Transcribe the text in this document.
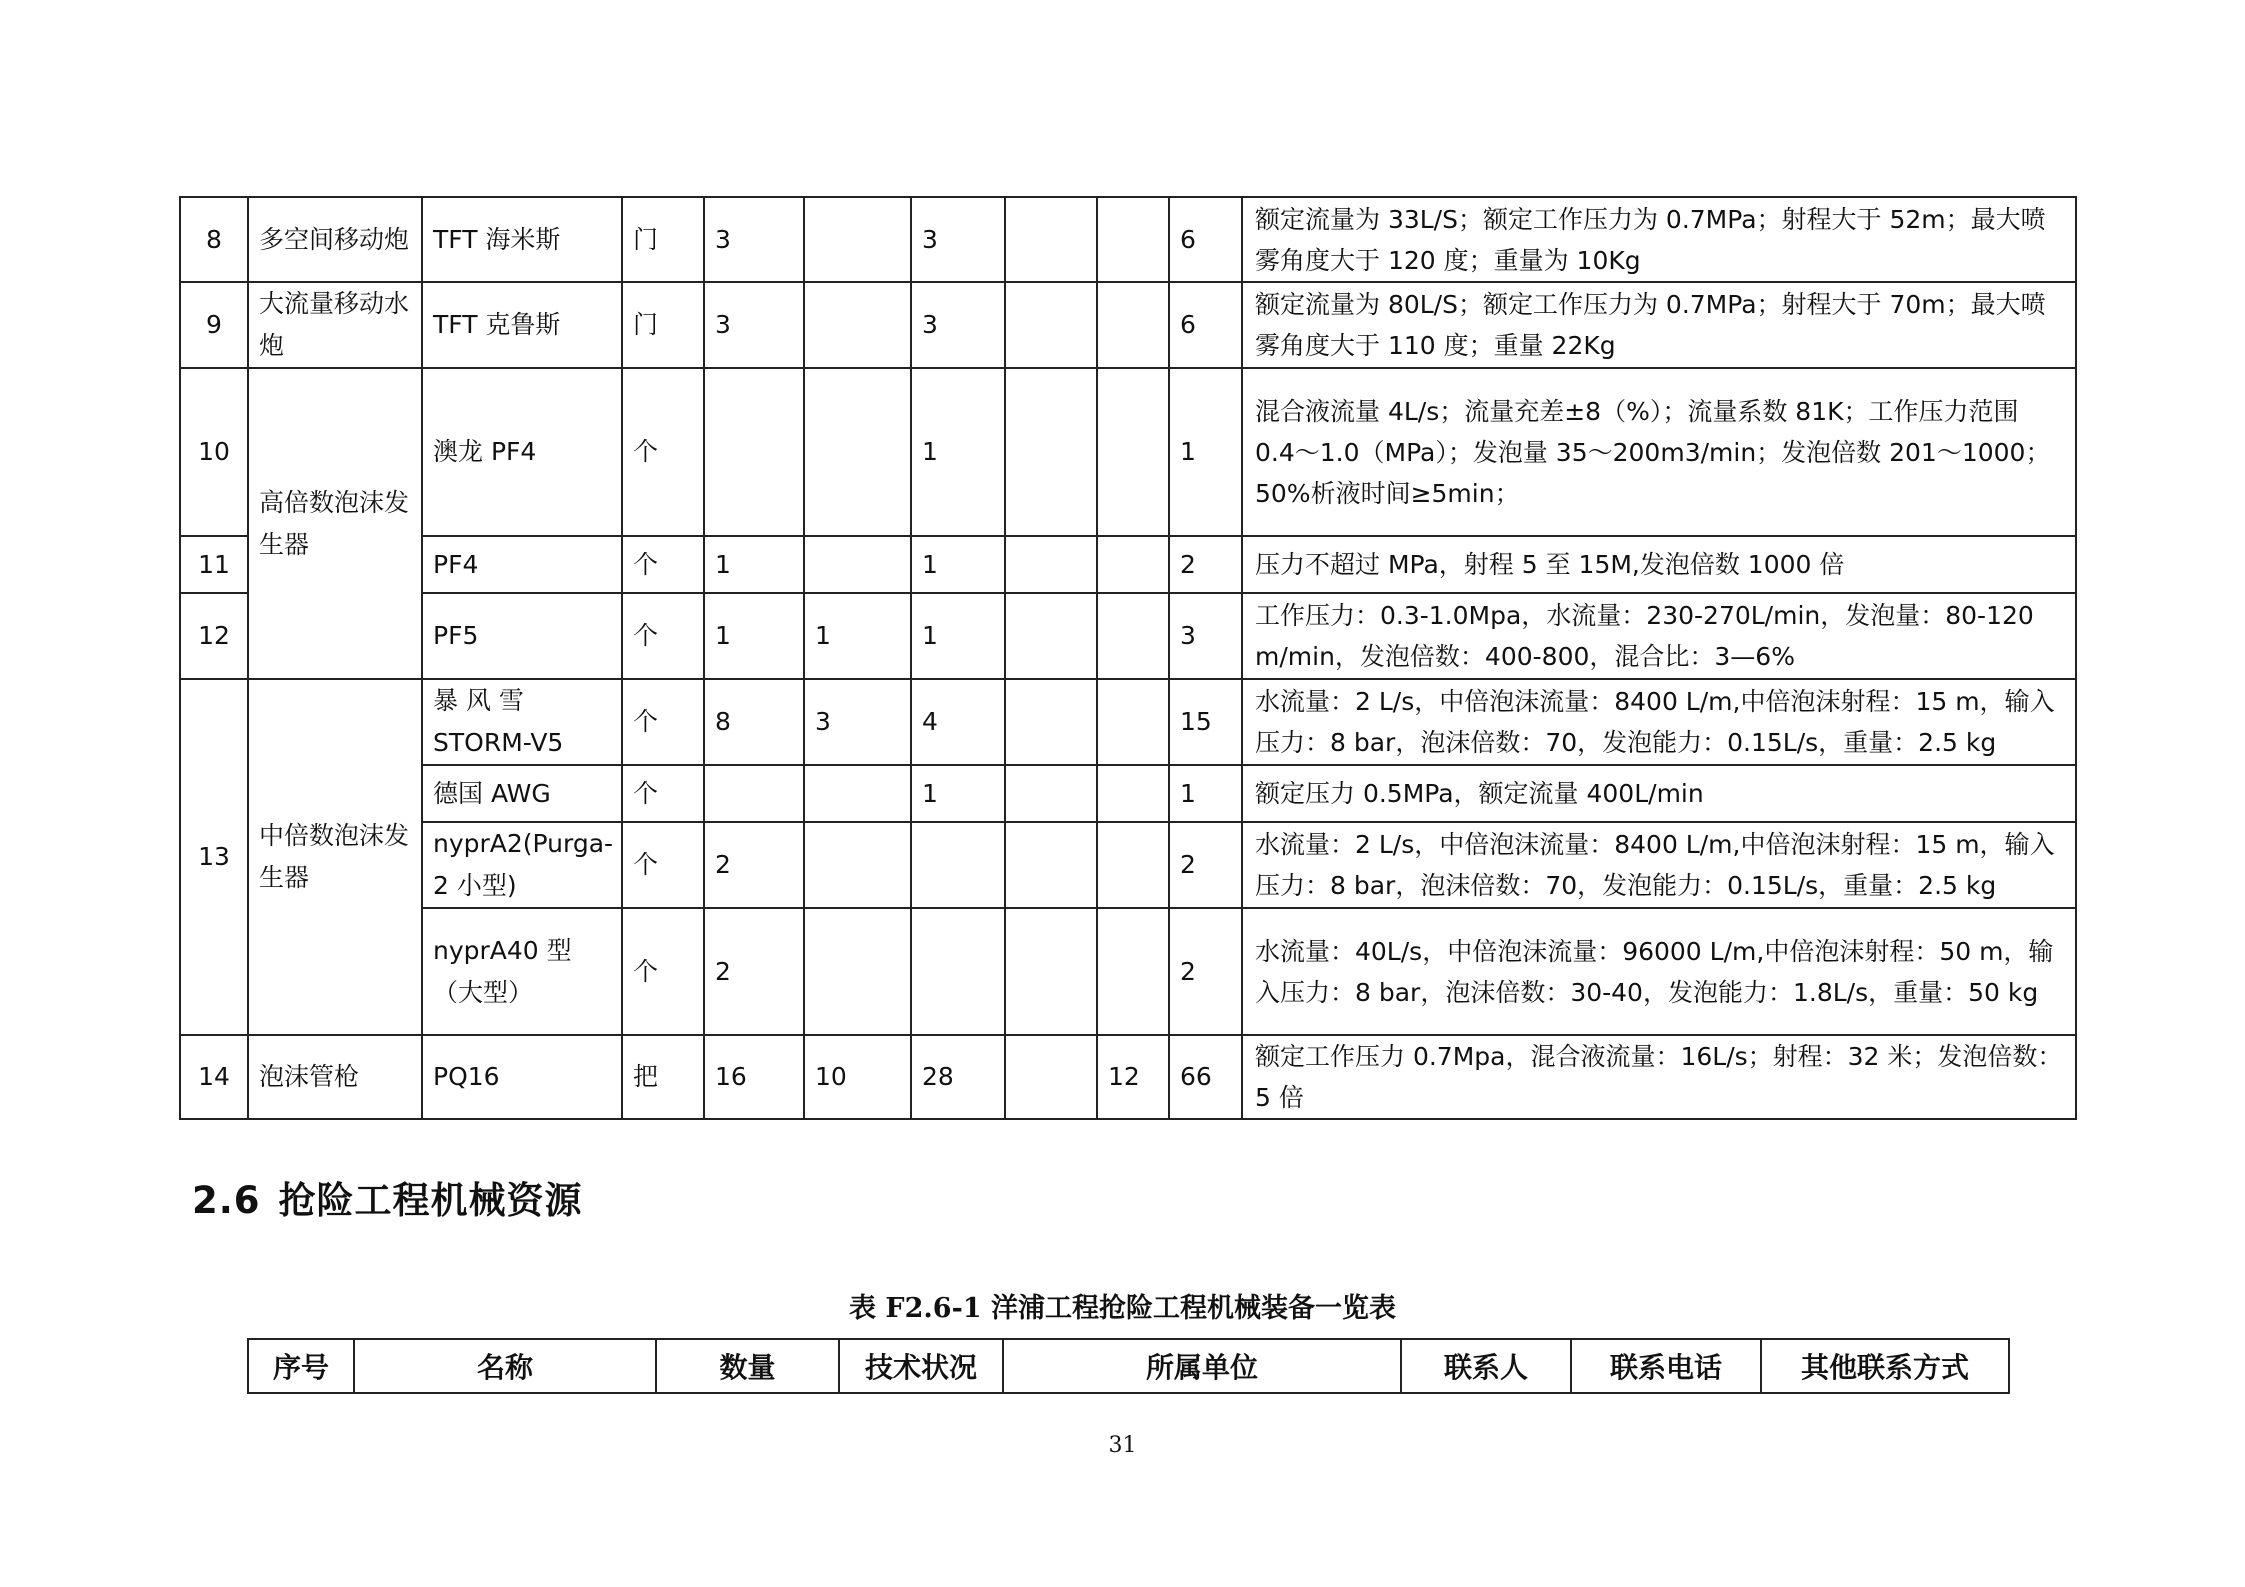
8	多空间移动炮	TFT 海米斯	门	3		3			6	额定流量为 33L/S；额定工作压力为 0.7MPa；射程大于 52m；最大喷雾角度大于 120 度；重量为 10Kg
9	大流量移动水炮	TFT 克鲁斯	门	3		3			6	额定流量为 80L/S；额定工作压力为 0.7MPa；射程大于 70m；最大喷雾角度大于 110 度；重量 22Kg
10	高倍数泡沫发生器	澳龙 PF4	个			1			1	混合液流量 4L/s；流量充差±8（%）；流量系数 81K；工作压力范围 0.4～1.0（MPa）；发泡量 35～200m3/min；发泡倍数 201～1000；50%析液时间≥5min；
11		PF4	个	1		1			2	压力不超过 MPa，射程 5 至 15M,发泡倍数 1000 倍
12		PF5	个	1	1	1			3	工作压力：0.3-1.0Mpa，水流量：230-270L/min，发泡量：80-120 m/min，发泡倍数：400-800，混合比：3—6%
13	中倍数泡沫发生器	暴 风 雪 STORM-V5	个	8	3	4			15	水流量：2 L/s，中倍泡沫流量：8400 L/m,中倍泡沫射程：15 m，输入压力：8 bar，泡沫倍数：70，发泡能力：0.15L/s，重量：2.5 kg
		德国 AWG	个			1			1	额定压力 0.5MPa，额定流量 400L/min
		nyprA2(Purga-2 小型)	个	2					2	水流量：2 L/s，中倍泡沫流量：8400 L/m,中倍泡沫射程：15 m，输入压力：8 bar，泡沫倍数：70，发泡能力：0.15L/s，重量：2.5 kg
		nyprA40 型（大型）	个	2					2	水流量：40L/s，中倍泡沫流量：96000 L/m,中倍泡沫射程：50 m，输入压力：8 bar，泡沫倍数：30-40，发泡能力：1.8L/s，重量：50 kg
14	泡沫管枪	PQ16	把	16	10	28		12	66	额定工作压力 0.7Mpa，混合液流量：16L/s；射程：32 米；发泡倍数：5 倍
2.6 抢险工程机械资源
表 F2.6-1 洋浦工程抢险工程机械装备一览表
序号	名称	数量	技术状况	所属单位	联系人	联系电话	其他联系方式
31
